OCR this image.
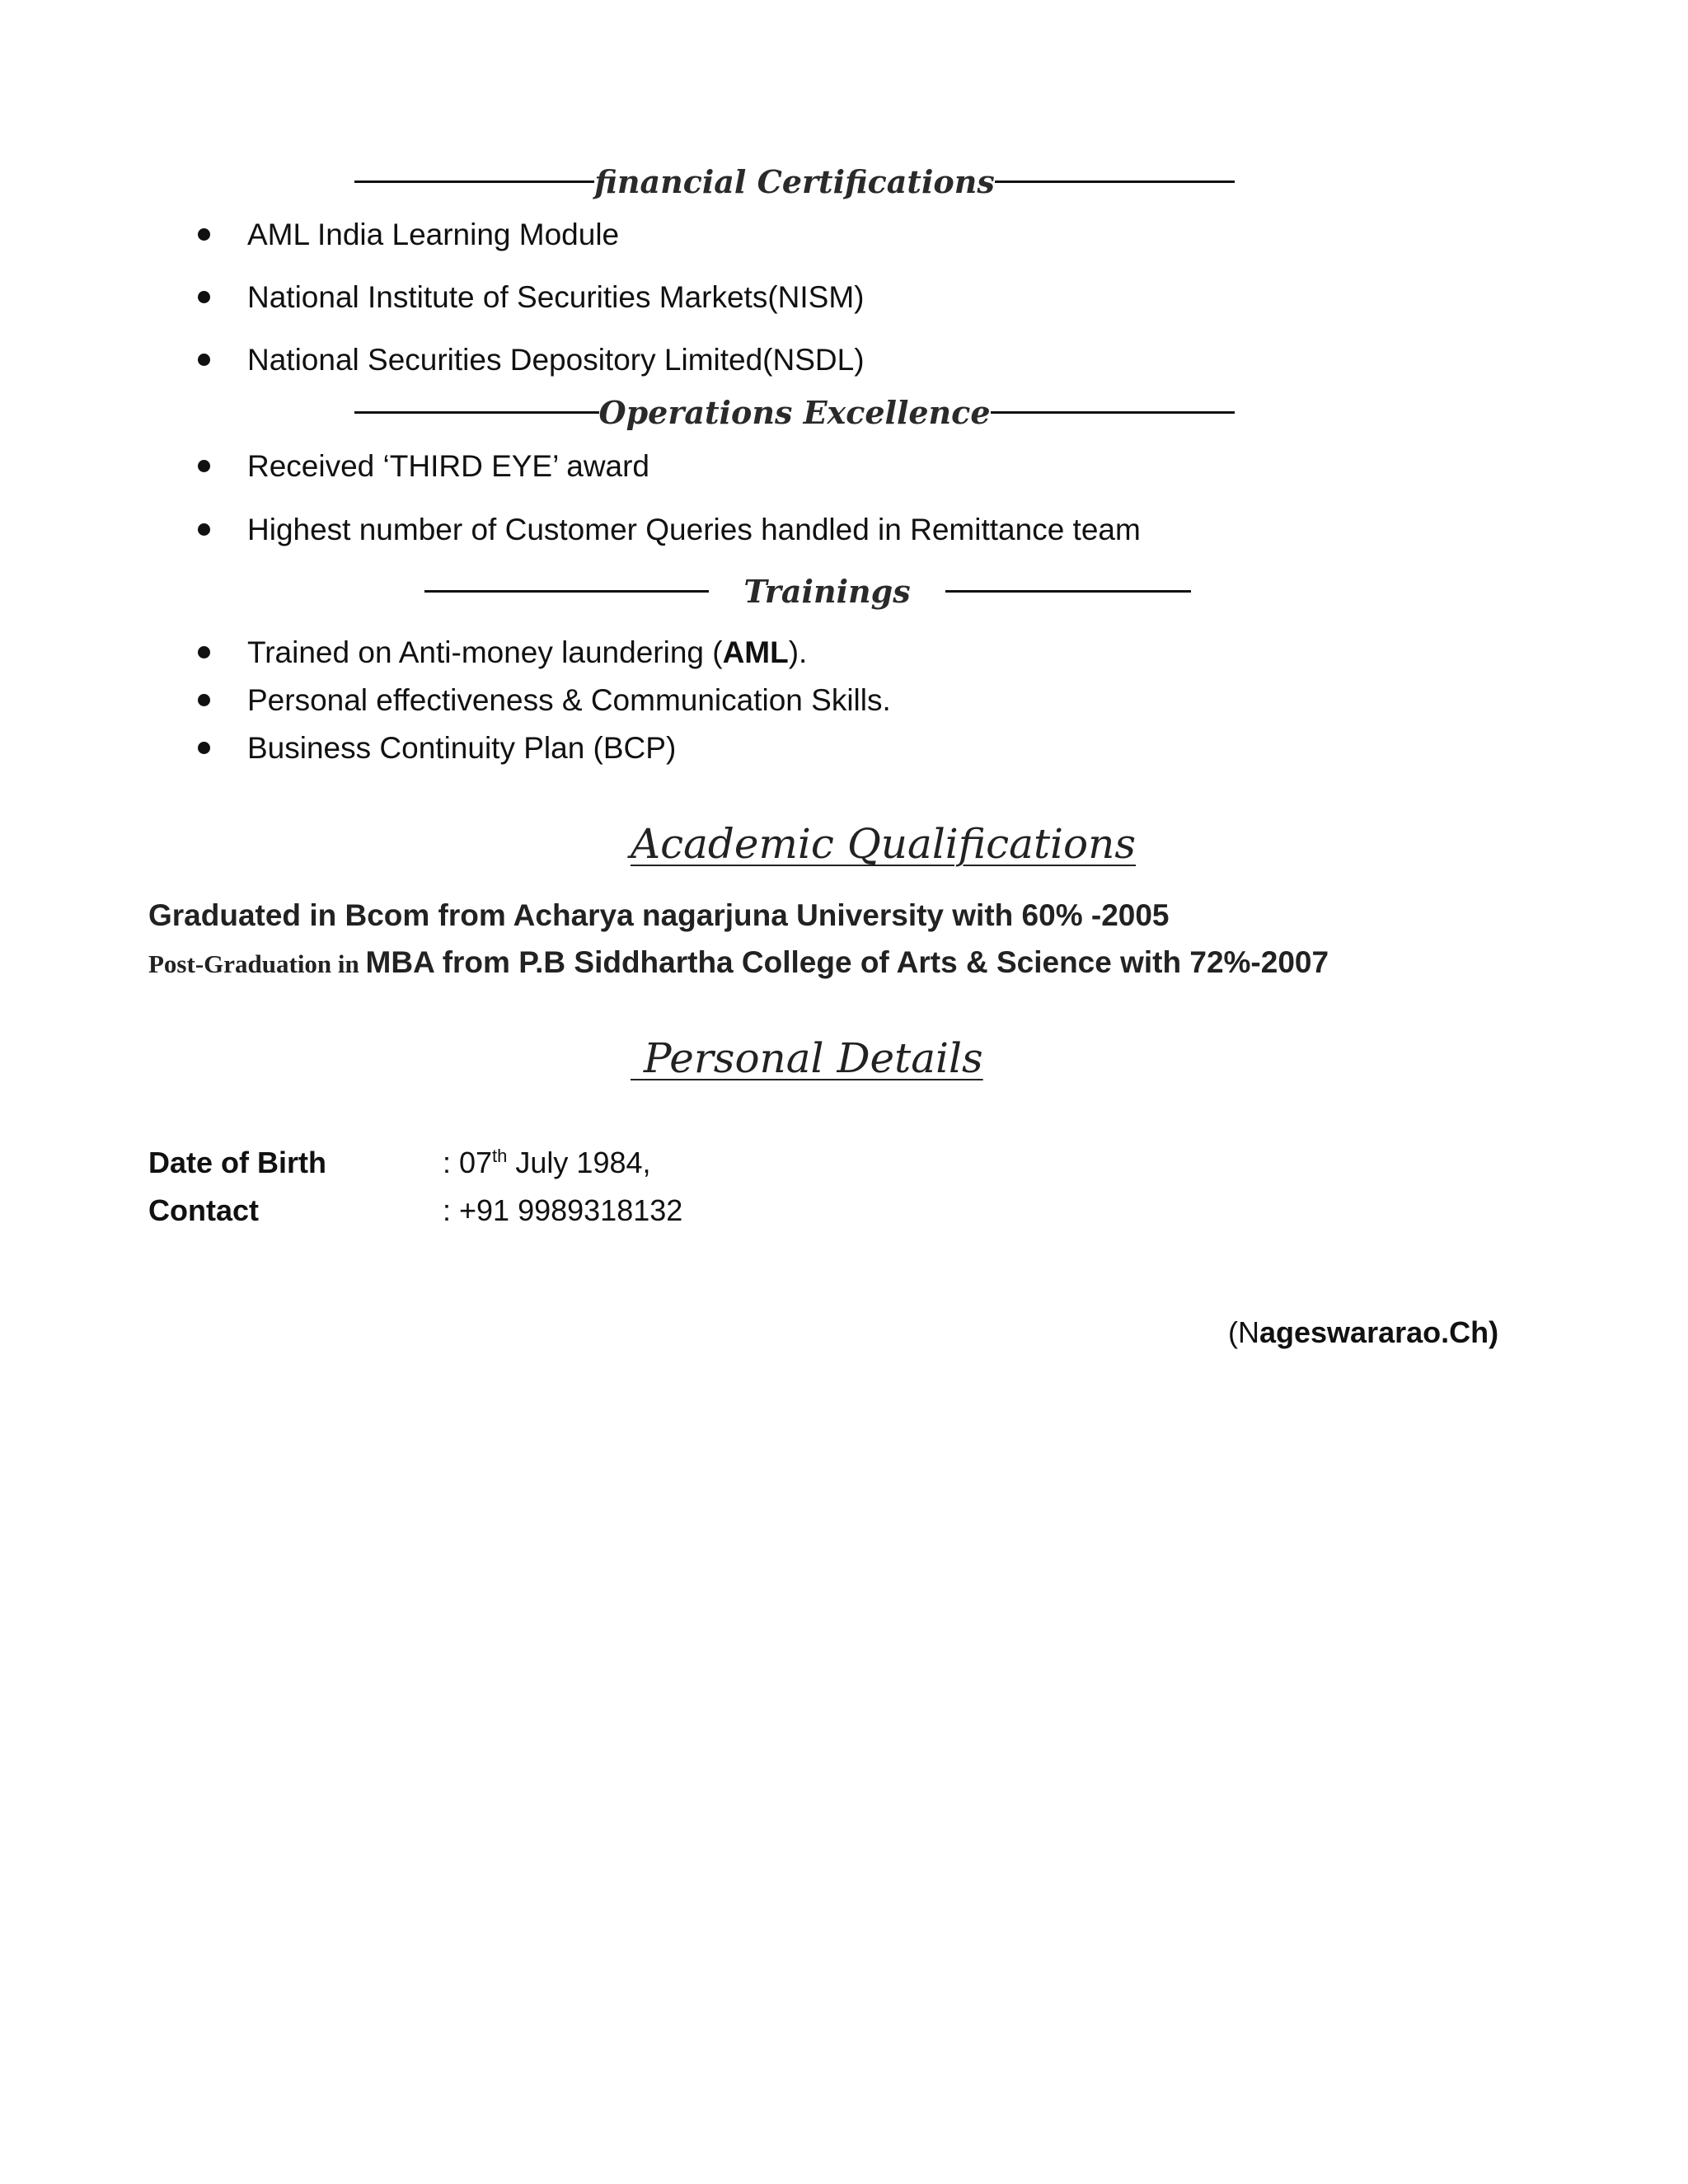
financial Certifications
AML India Learning Module
National Institute of Securities Markets(NISM)
National Securities Depository Limited(NSDL)
Operations Excellence
Received ‘THIRD EYE’ award
Highest number of Customer Queries handled in Remittance team
Trainings
Trained on Anti-money laundering (AML).
Personal effectiveness & Communication Skills.
Business Continuity Plan (BCP)
Academic Qualifications
Graduated in Bcom from Acharya nagarjuna University with 60% -2005
Post-Graduation in MBA from P.B Siddhartha College of Arts & Science with 72%-2007
Personal Details
Date of Birth	: 07th July 1984,
Contact	: +91 9989318132
(Nageswararao.Ch)
